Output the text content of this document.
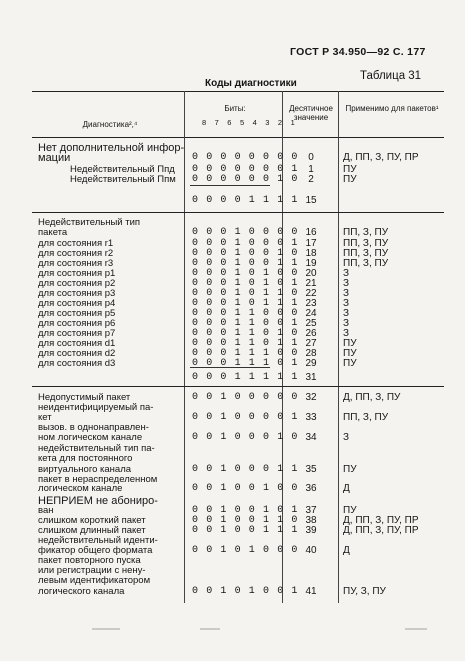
ГОСТ Р 34.950—92 С. 177
Таблица 31
Коды диагностики
Диагностика²,⁴
Биты:
8 7 6 5 4 3 2 1
Десятичное значение
Применимо для пакетов¹
Нет дополнительной инфор-
мации	0 0 0 0 0 0 0 0 0	Д, ПП, З, ПУ, ПР
Недействительный Ппд 0 0 0 0 0 0 0 1 1	ПУ
Недействительный Ппм 0 0 0 0 0 0 1 0 2	ПУ
0 0 0 0 1 1 1 1 15
Недействительный тип
пакета	0 0 0 1 0 0 0 0 16	ПП, З, ПУ
для состояния r1	0 0 0 1 0 0 0 1 17	ПП, З, ПУ
для состояния r2	0 0 0 1 0 0 1 0 18	ПП, З, ПУ
для состояния r3	0 0 0 1 0 0 1 1 19	ПП, З, ПУ
для состояния p1	0 0 0 1 0 1 0 0 20	З
для состояния p2	0 0 0 1 0 1 0 1 21	З
для состояния p3	0 0 0 1 0 1 1 0 22	З
для состояния p4	0 0 0 1 0 1 1 1 23	З
для состояния p5	0 0 0 1 1 0 0 0 24	З
для состояния p6	0 0 0 1 1 0 0 1 25	З
для состояния p7	0 0 0 1 1 0 1 0 26	З
для состояния d1	0 0 0 1 1 0 1 1 27	ПУ
для состояния d2	0 0 0 1 1 1 0 0 28	ПУ
для состояния d3	0 0 0 1 1 1 0 1 29	ПУ
0 0 0 1 1 1 1 1 31
Недопустимый пакет	0 0 1 0 0 0 0 0 32	Д, ПП, З, ПУ
неидентифицируемый па-
кет	0 0 1 0 0 0 0 1 33	ПП, З, ПУ
вызов. в однонаправлен-
ном логическом канале	0 0 1 0 0 0 1 0 34	З
недействительный тип па-
кета для постоянного
виртуального канала	0 0 1 0 0 0 1 1 35	ПУ
пакет в нераспределенном
логическом канале	0 0 1 0 0 1 0 0 36	Д
НЕПРИЕМ не абониро-
ван	0 0 1 0 0 1 0 1 37	ПУ
слишком короткий пакет	0 0 1 0 0 1 1 0 38	Д, ПП, З, ПУ, ПР
слишком длинный пакет	0 0 1 0 0 1 1 1 39	Д, ПП, З, ПУ, ПР
недействительный иденти-
фикатор общего формата	0 0 1 0 1 0 0 0 40	Д
пакет повторного пуска
или регистрации с нену-
левым идентификатором
логического канала	0 0 1 0 1 0 0 1 41	ПУ, З, ПУ
